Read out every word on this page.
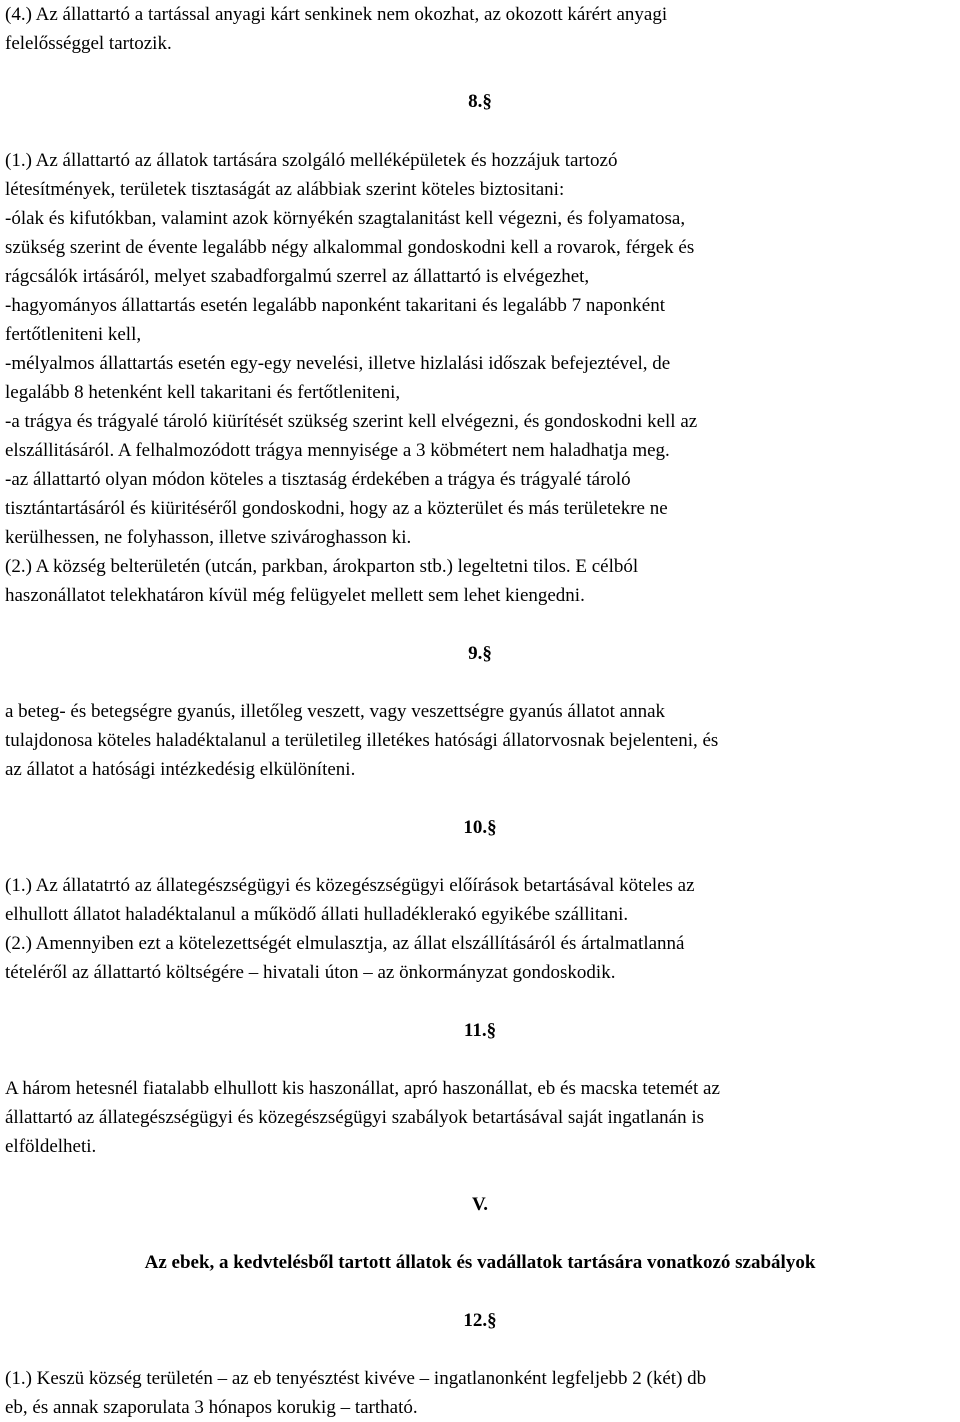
(4.) Az állattartó a tartással anyagi kárt senkinek nem okozhat, az okozott kárért anyagi
felelősséggel tartozik.
8.§
(1.) Az állattartó az állatok tartására szolgáló melléképületek és hozzájuk tartozó
létesítmények, területek tisztaságát az alábbiak szerint köteles biztositani:
-ólak és kifutókban, valamint azok környékén szagtalanitást kell végezni, és folyamatosa,
szükség szerint de évente legalább négy alkalommal gondoskodni kell a rovarok, férgek és
rágcsálók irtásáról, melyet szabadforgalmú szerrel az állattartó is elvégezhet,
-hagyományos állattartás esetén legalább naponként takaritani és legalább 7 naponként
fertőtleniteni kell,
-mélyalmos állattartás esetén egy-egy nevelési, illetve hizlalási időszak befejeztével, de
legalább 8 hetenként kell takaritani és fertőtleniteni,
-a trágya és trágyalé tároló kiürítését szükség szerint kell elvégezni, és gondoskodni kell az
elszállitásáról. A felhalmozódott trágya mennyisége a 3 köbmétert nem haladhatja meg.
-az állattartó olyan módon köteles a tisztaság érdekében a trágya és trágyalé tároló
tisztántartásáról és kiüritéséről gondoskodni, hogy az a közterület és más területekre ne
kerülhessen, ne folyhasson, illetve szivároghasson ki.
(2.) A község belterületén (utcán, parkban, árokparton stb.) legeltetni tilos. E célból
haszonállatot telekhatáron kívül még felügyelet mellett sem lehet kiengedni.
9.§
a beteg- és betegségre gyanús, illetőleg veszett, vagy veszettségre gyanús állatot annak
tulajdonosa köteles haladéktalanul a területileg illetékes hatósági állatorvosnak bejelenteni, és
az állatot a hatósági intézkedésig elkülöníteni.
10.§
(1.) Az állatatrtó az állategészségügyi és közegészségügyi előírások betartásával köteles az
elhullott állatot haladéktalanul a működő állati hulladéklerakó egyikébe szállitani.
(2.) Amennyiben ezt a kötelezettségét elmulasztja, az állat elszállításáról és ártalmatlanná
tételéről az állattartó költségére – hivatali úton – az önkormányzat gondoskodik.
11.§
A három hetesnél fiatalabb elhullott kis haszonállat, apró haszonállat, eb és macska tetemét az
állattartó az állategészségügyi és közegészségügyi szabályok betartásával saját ingatlanán is
elföldelheti.
V.
Az ebek, a kedvtelésből tartott állatok és vadállatok tartására vonatkozó szabályok
12.§
(1.) Keszü község területén – az eb tenyésztést kivéve – ingatlanonként legfeljebb 2 (két) db
eb, és annak szaporulata 3 hónapos korukig – tartható.
